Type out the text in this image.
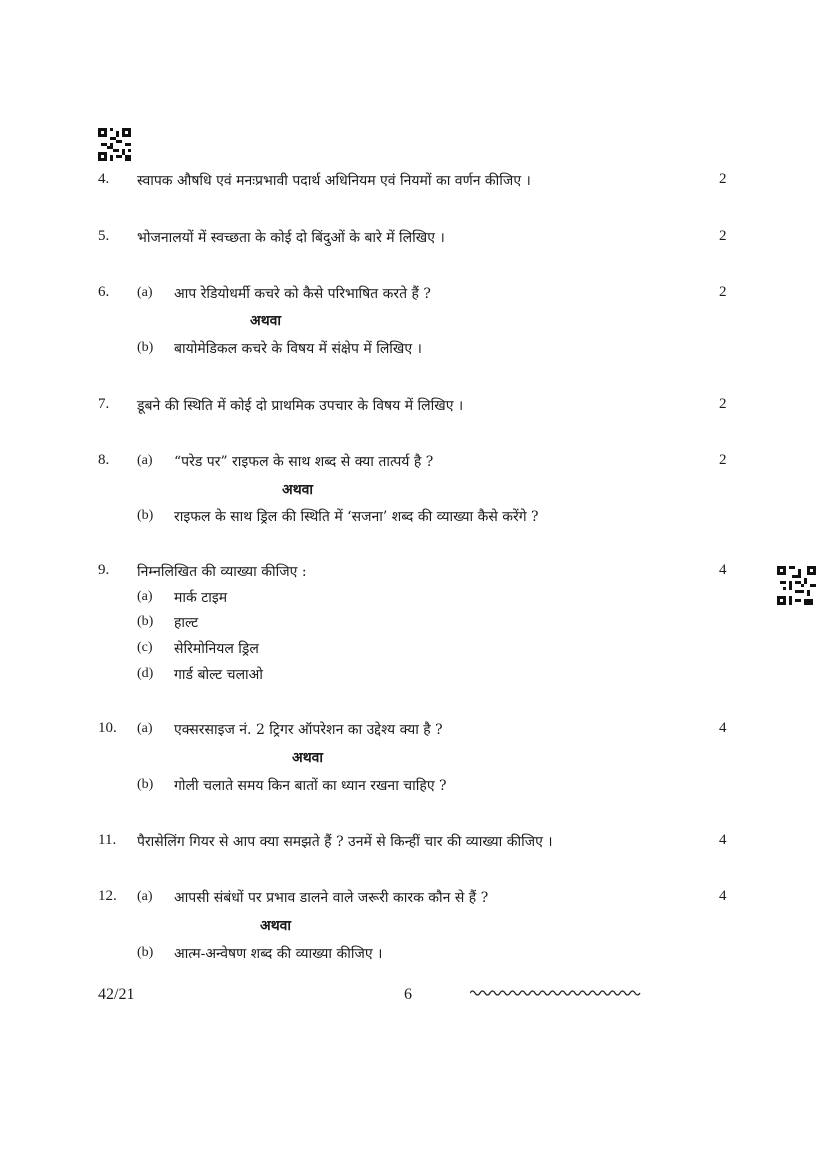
4. स्वापक औषधि एवं मनःप्रभावी पदार्थ अधिनियम एवं नियमों का वर्णन कीजिए ।	2
5. भोजनालयों में स्वच्छता के कोई दो बिंदुओं के बारे में लिखिए ।	2
6. (a) आप रेडियोधर्मी कचरे को कैसे परिभाषित करते हैं ?	2
अथवा
(b) बायोमेडिकल कचरे के विषय में संक्षेप में लिखिए ।
7. डूबने की स्थिति में कोई दो प्राथमिक उपचार के विषय में लिखिए ।	2
8. (a) “परेड पर” राइफल के साथ शब्द से क्या तात्पर्य है ?	2
अथवा
(b) राइफल के साथ ड्रिल की स्थिति में ‘सजना’ शब्द की व्याख्या कैसे करेंगे ?
9. निम्नलिखित की व्याख्या कीजिए :	4
(a) मार्क टाइम
(b) हाल्ट
(c) सेरिमोनियल ड्रिल
(d) गार्ड बोल्ट चलाओ
10. (a) एक्सरसाइज नं. 2 ट्रिगर ऑपरेशन का उद्देश्य क्या है ?	4
अथवा
(b) गोली चलाते समय किन बातों का ध्यान रखना चाहिए ?
11. पैरासेलिंग गियर से आप क्या समझते हैं ? उनमें से किन्हीं चार की व्याख्या कीजिए ।	4
12. (a) आपसी संबंधों पर प्रभाव डालने वाले जरूरी कारक कौन से हैं ?	4
अथवा
(b) आत्म-अन्वेषण शब्द की व्याख्या कीजिए ।
42/21	6
